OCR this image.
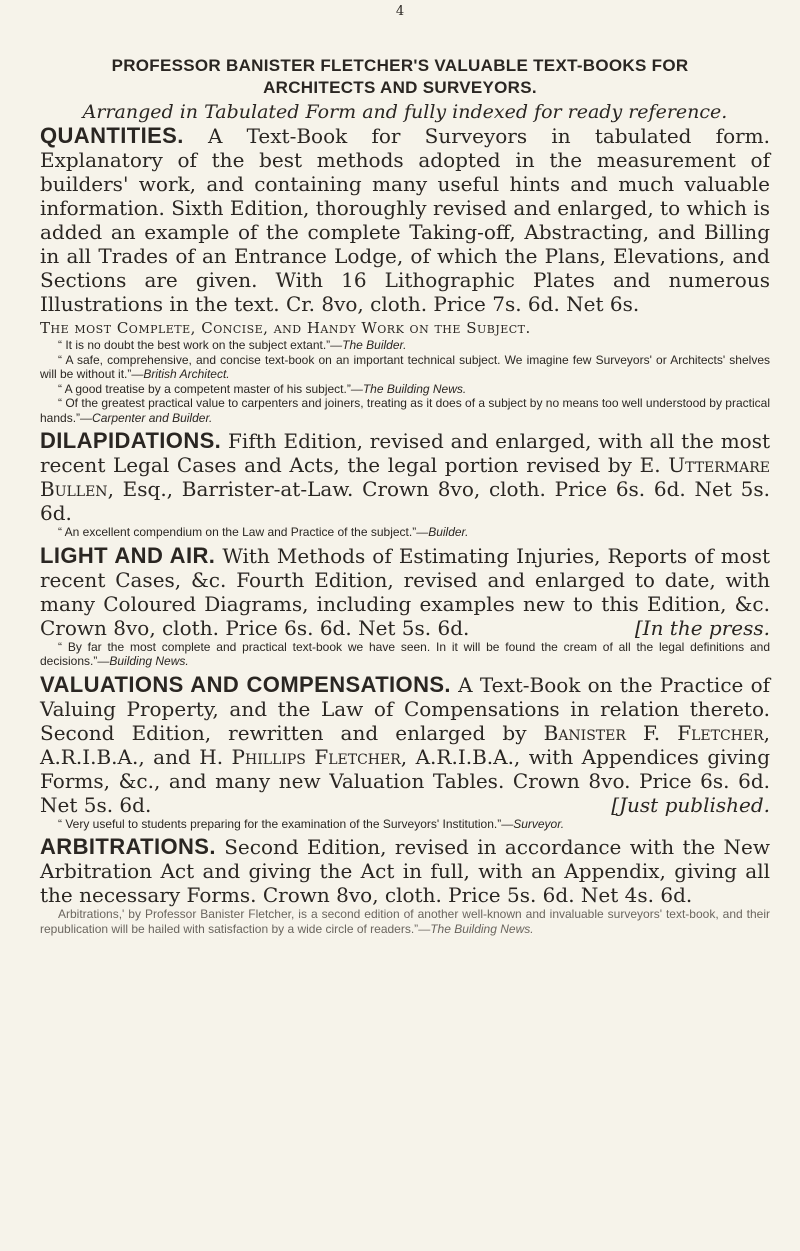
4
PROFESSOR BANISTER FLETCHER'S VALUABLE TEXT-BOOKS FOR
ARCHITECTS AND SURVEYORS.
Arranged in Tabulated Form and fully indexed for ready reference.

QUANTITIES. A Text-Book for Surveyors in tabulated form. Explanatory of the best methods adopted in the measurement of builders' work, and containing many useful hints and much valuable information. Sixth Edition, thoroughly revised and enlarged, to which is added an example of the complete Taking-off, Abstracting, and Billing in all Trades of an Entrance Lodge, of which the Plans, Elevations, and Sections are given. With 16 Lithographic Plates and numerous Illustrations in the text. Cr. 8vo, cloth. Price 7s. 6d. Net 6s.

The most Complete, Concise, and Handy Work on the Subject.

“ It is no doubt the best work on the subject extant.”—The Builder.

“ A safe, comprehensive, and concise text-book on an important technical subject. We imagine few Surveyors' or Architects' shelves will be without it.”—British Architect.

“ A good treatise by a competent master of his subject.”—The Building News.

“ Of the greatest practical value to carpenters and joiners, treating as it does of a subject by no means too well understood by practical hands.”—Carpenter and Builder.

DILAPIDATIONS. Fifth Edition, revised and enlarged, with all the most recent Legal Cases and Acts, the legal portion revised by E. Uttermare Bullen, Esq., Barrister-at-Law. Crown 8vo, cloth. Price 6s. 6d. Net 5s. 6d.

“ An excellent compendium on the Law and Practice of the subject.”—Builder.

LIGHT AND AIR. With Methods of Estimating Injuries, Reports of most recent Cases, &c. Fourth Edition, revised and enlarged to date, with many Coloured Diagrams, including examples new to this Edition, &c. Crown 8vo, cloth. Price 6s. 6d. Net 5s. 6d.	[In the press.

“ By far the most complete and practical text-book we have seen. In it will be found the cream of all the legal definitions and decisions.”—Building News.

VALUATIONS AND COMPENSATIONS. A Text-Book on the Practice of Valuing Property, and the Law of Compensations in relation thereto. Second Edition, rewritten and enlarged by Banister F. Fletcher, A.R.I.B.A., and H. Phillips Fletcher, A.R.I.B.A., with Appendices giving Forms, &c., and many new Valuation Tables. Crown 8vo. Price 6s. 6d. Net 5s. 6d.	[Just published.

“ Very useful to students preparing for the examination of the Surveyors' Institution.”—Surveyor.

ARBITRATIONS. Second Edition, revised in accordance with the New Arbitration Act and giving the Act in full, with an Appendix, giving all the necessary Forms. Crown 8vo, cloth. Price 5s. 6d. Net 4s. 6d.

Arbitrations,' by Professor Banister Fletcher, is a second edition of another well-known and invaluable surveyors' text-book, and their republication will be hailed with satisfaction by a wide circle of readers.”—The Building News.
